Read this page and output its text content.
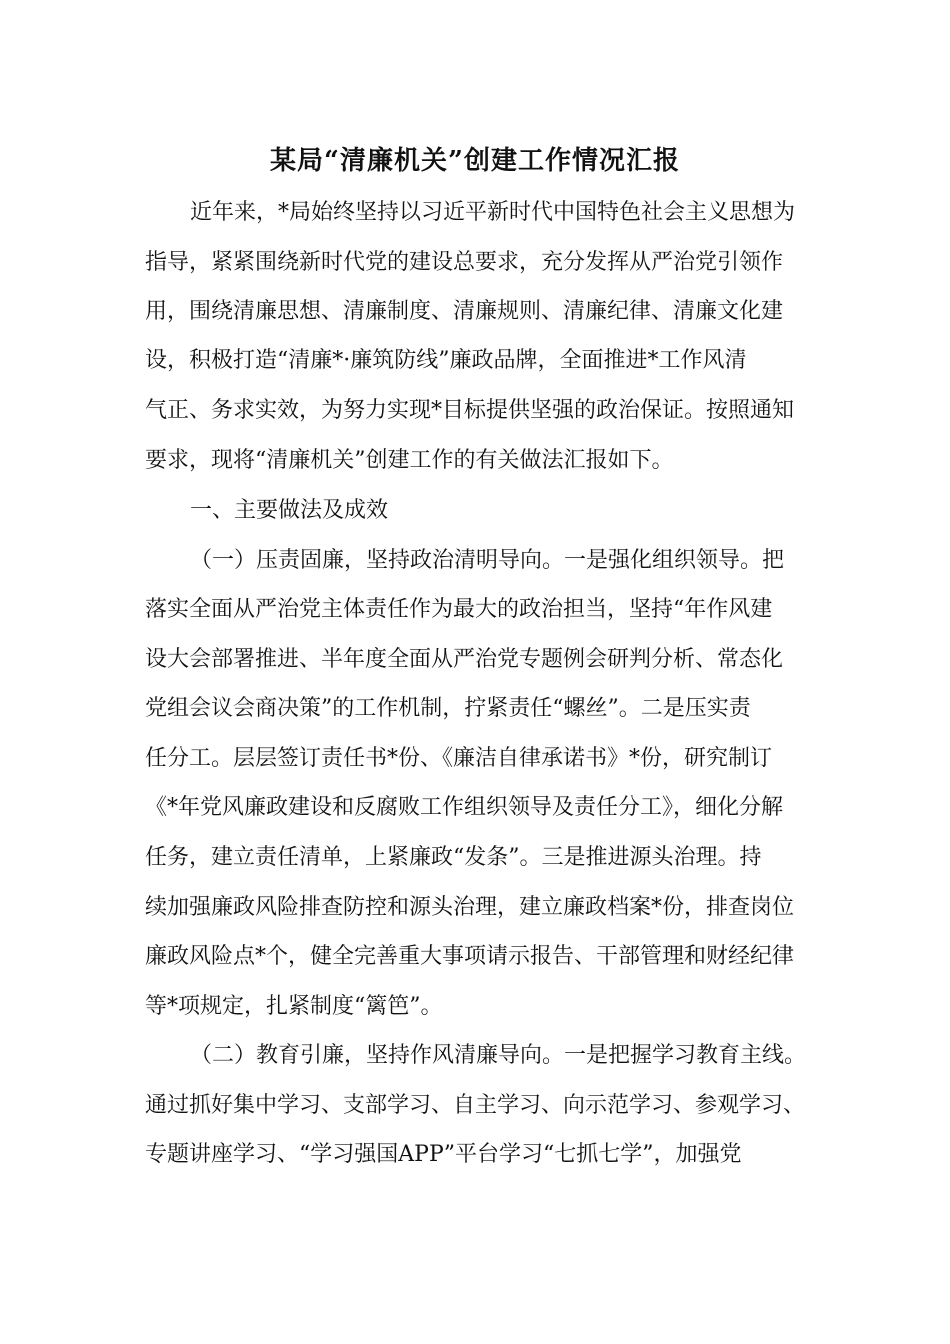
某局“清廉机关”创建工作情况汇报

近年来，*局始终坚持以习近平新时代中国特色社会主义思想为

指导，紧紧围绕新时代党的建设总要求，充分发挥从严治党引领作

用，围绕清廉思想、清廉制度、清廉规则、清廉纪律、清廉文化建

设，积极打造“清廉*·廉筑防线”廉政品牌，全面推进*工作风清

气正、务求实效，为努力实现*目标提供坚强的政治保证。按照通知

要求，现将“清廉机关”创建工作的有关做法汇报如下。

一、主要做法及成效

（一）压责固廉，坚持政治清明导向。一是强化组织领导。把

落实全面从严治党主体责任作为最大的政治担当，坚持“年作风建

设大会部署推进、半年度全面从严治党专题例会研判分析、常态化

党组会议会商决策”的工作机制，拧紧责任“螺丝”。二是压实责

任分工。层层签订责任书*份、《廉洁自律承诺书》*份，研究制订

《*年党风廉政建设和反腐败工作组织领导及责任分工》，细化分解

任务，建立责任清单，上紧廉政“发条”。三是推进源头治理。持

续加强廉政风险排查防控和源头治理，建立廉政档案*份，排查岗位

廉政风险点*个，健全完善重大事项请示报告、干部管理和财经纪律

等*项规定，扎紧制度“篱笆”。

（二）教育引廉，坚持作风清廉导向。一是把握学习教育主线。

通过抓好集中学习、支部学习、自主学习、向示范学习、参观学习、

专题讲座学习、“学习强国APP”平台学习“七抓七学”，加强党
